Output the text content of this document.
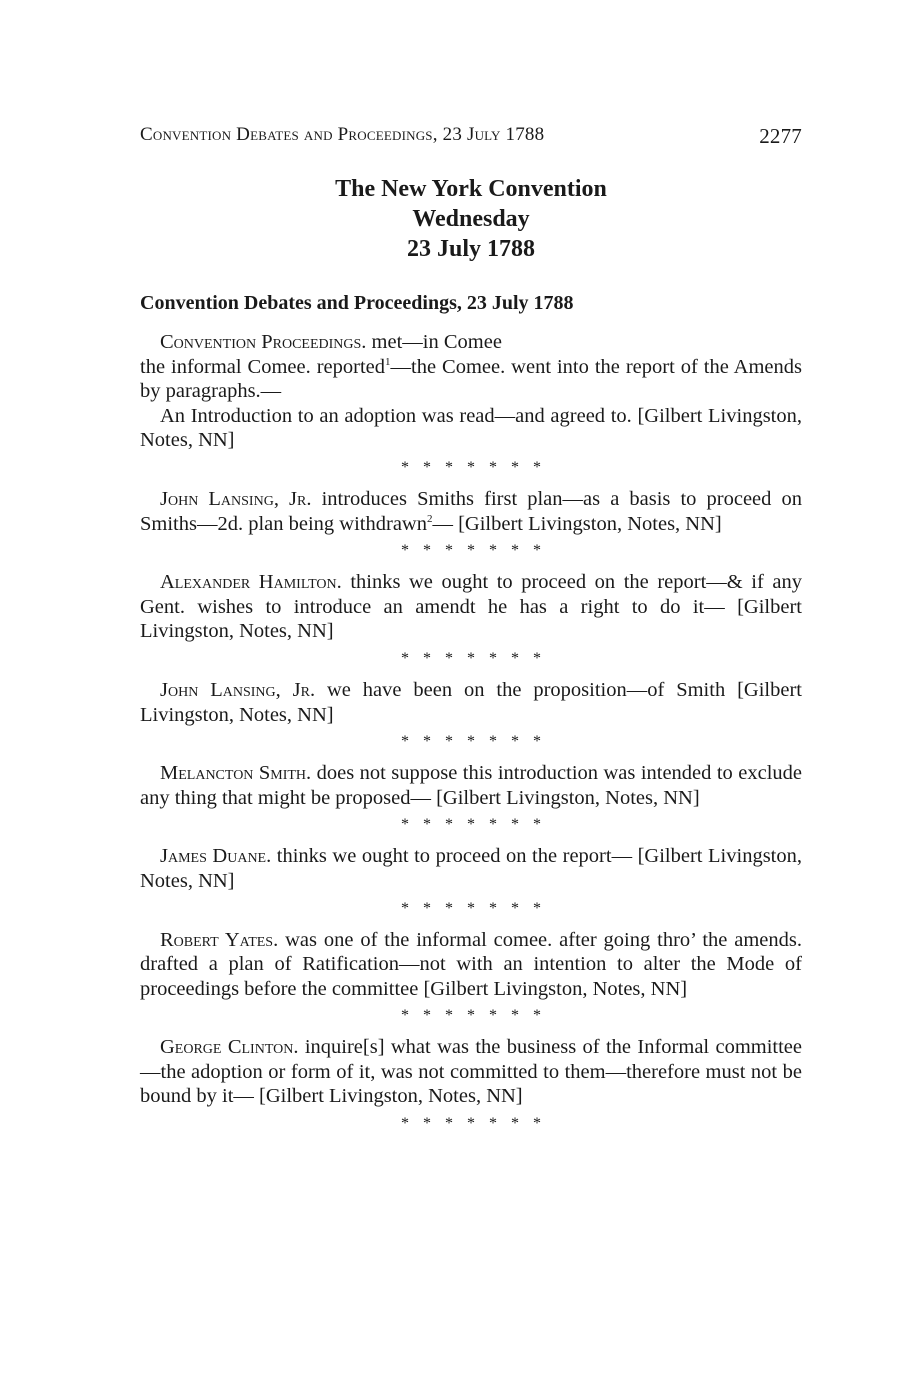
Convention Debates and Proceedings, 23 July 1788	2277
The New York Convention
Wednesday
23 July 1788
Convention Debates and Proceedings, 23 July 1788

Convention Proceedings. met—in Comee

the informal Comee. reported$^1$—the Comee. went into the report of the Amends by paragraphs.—

An Introduction to an adoption was read—and agreed to. [Gilbert Livingston, Notes, NN]

* * * * * * *

John Lansing, Jr. introduces Smiths first plan—as a basis to proceed on Smiths—2d. plan being withdrawn$^2$— [Gilbert Livingston, Notes, NN]

* * * * * * *

Alexander Hamilton. thinks we ought to proceed on the report—& if any Gent. wishes to introduce an amendt he has a right to do it— [Gilbert Livingston, Notes, NN]

* * * * * * *

John Lansing, Jr. we have been on the proposition—of Smith [Gilbert Livingston, Notes, NN]

* * * * * * *

Melancton Smith. does not suppose this introduction was intended to exclude any thing that might be proposed— [Gilbert Livingston, Notes, NN]

* * * * * * *

James Duane. thinks we ought to proceed on the report— [Gilbert Livingston, Notes, NN]

* * * * * * *

Robert Yates. was one of the informal comee. after going thro’ the amends. drafted a plan of Ratification—not with an intention to alter the Mode of proceedings before the committee [Gilbert Livingston, Notes, NN]

* * * * * * *

George Clinton. inquire[s] what was the business of the Informal committee—the adoption or form of it, was not committed to them—therefore must not be bound by it— [Gilbert Livingston, Notes, NN]

* * * * * * *
